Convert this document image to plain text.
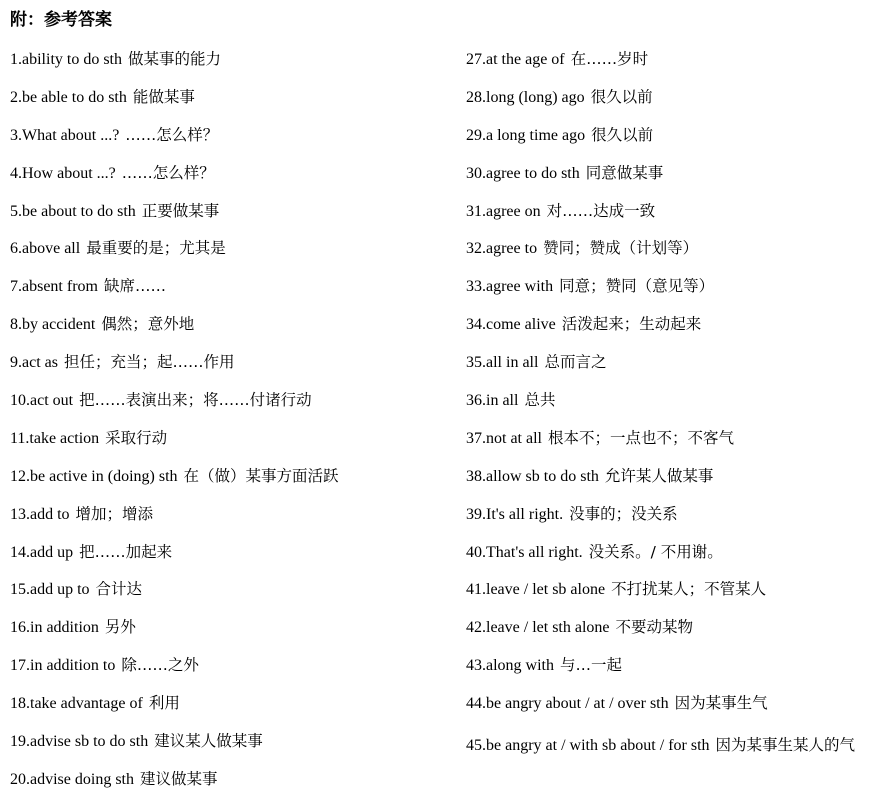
附：参考答案
1.ability to do sth 做某事的能力
2.be able to do sth 能做某事
3.What about ...? ……怎么样？
4.How about ...? ……怎么样？
5.be about to do sth 正要做某事
6.above all 最重要的是；尤其是
7.absent from 缺席……
8.by accident 偶然；意外地
9.act as 担任；充当；起……作用
10.act out 把……表演出来；将……付诸行动
11.take action 采取行动
12.be active in (doing) sth 在（做）某事方面活跃
13.add to 增加；增添
14.add up 把……加起来
15.add up to 合计达
16.in addition 另外
17.in addition to 除……之外
18.take advantage of 利用
19.advise sb to do sth 建议某人做某事
20.advise doing sth 建议做某事
27.at the age of 在……岁时
28.long (long) ago 很久以前
29.a long time ago 很久以前
30.agree to do sth 同意做某事
31.agree on 对……达成一致
32.agree to 赞同；赞成（计划等）
33.agree with 同意；赞同（意见等）
34.come alive 活泼起来；生动起来
35.all in all 总而言之
36.in all 总共
37.not at all 根本不；一点也不；不客气
38.allow sb to do sth 允许某人做某事
39.It's all right. 没事的；没关系
40.That's all right. 没关系。/ 不用谢。
41.leave / let sb alone 不打扰某人；不管某人
42.leave / let sth alone 不要动某物
43.along with 与…一起
44.be angry about / at / over sth 因为某事生气
45.be angry at / with sb about / for sth 因为某事生某人的气
